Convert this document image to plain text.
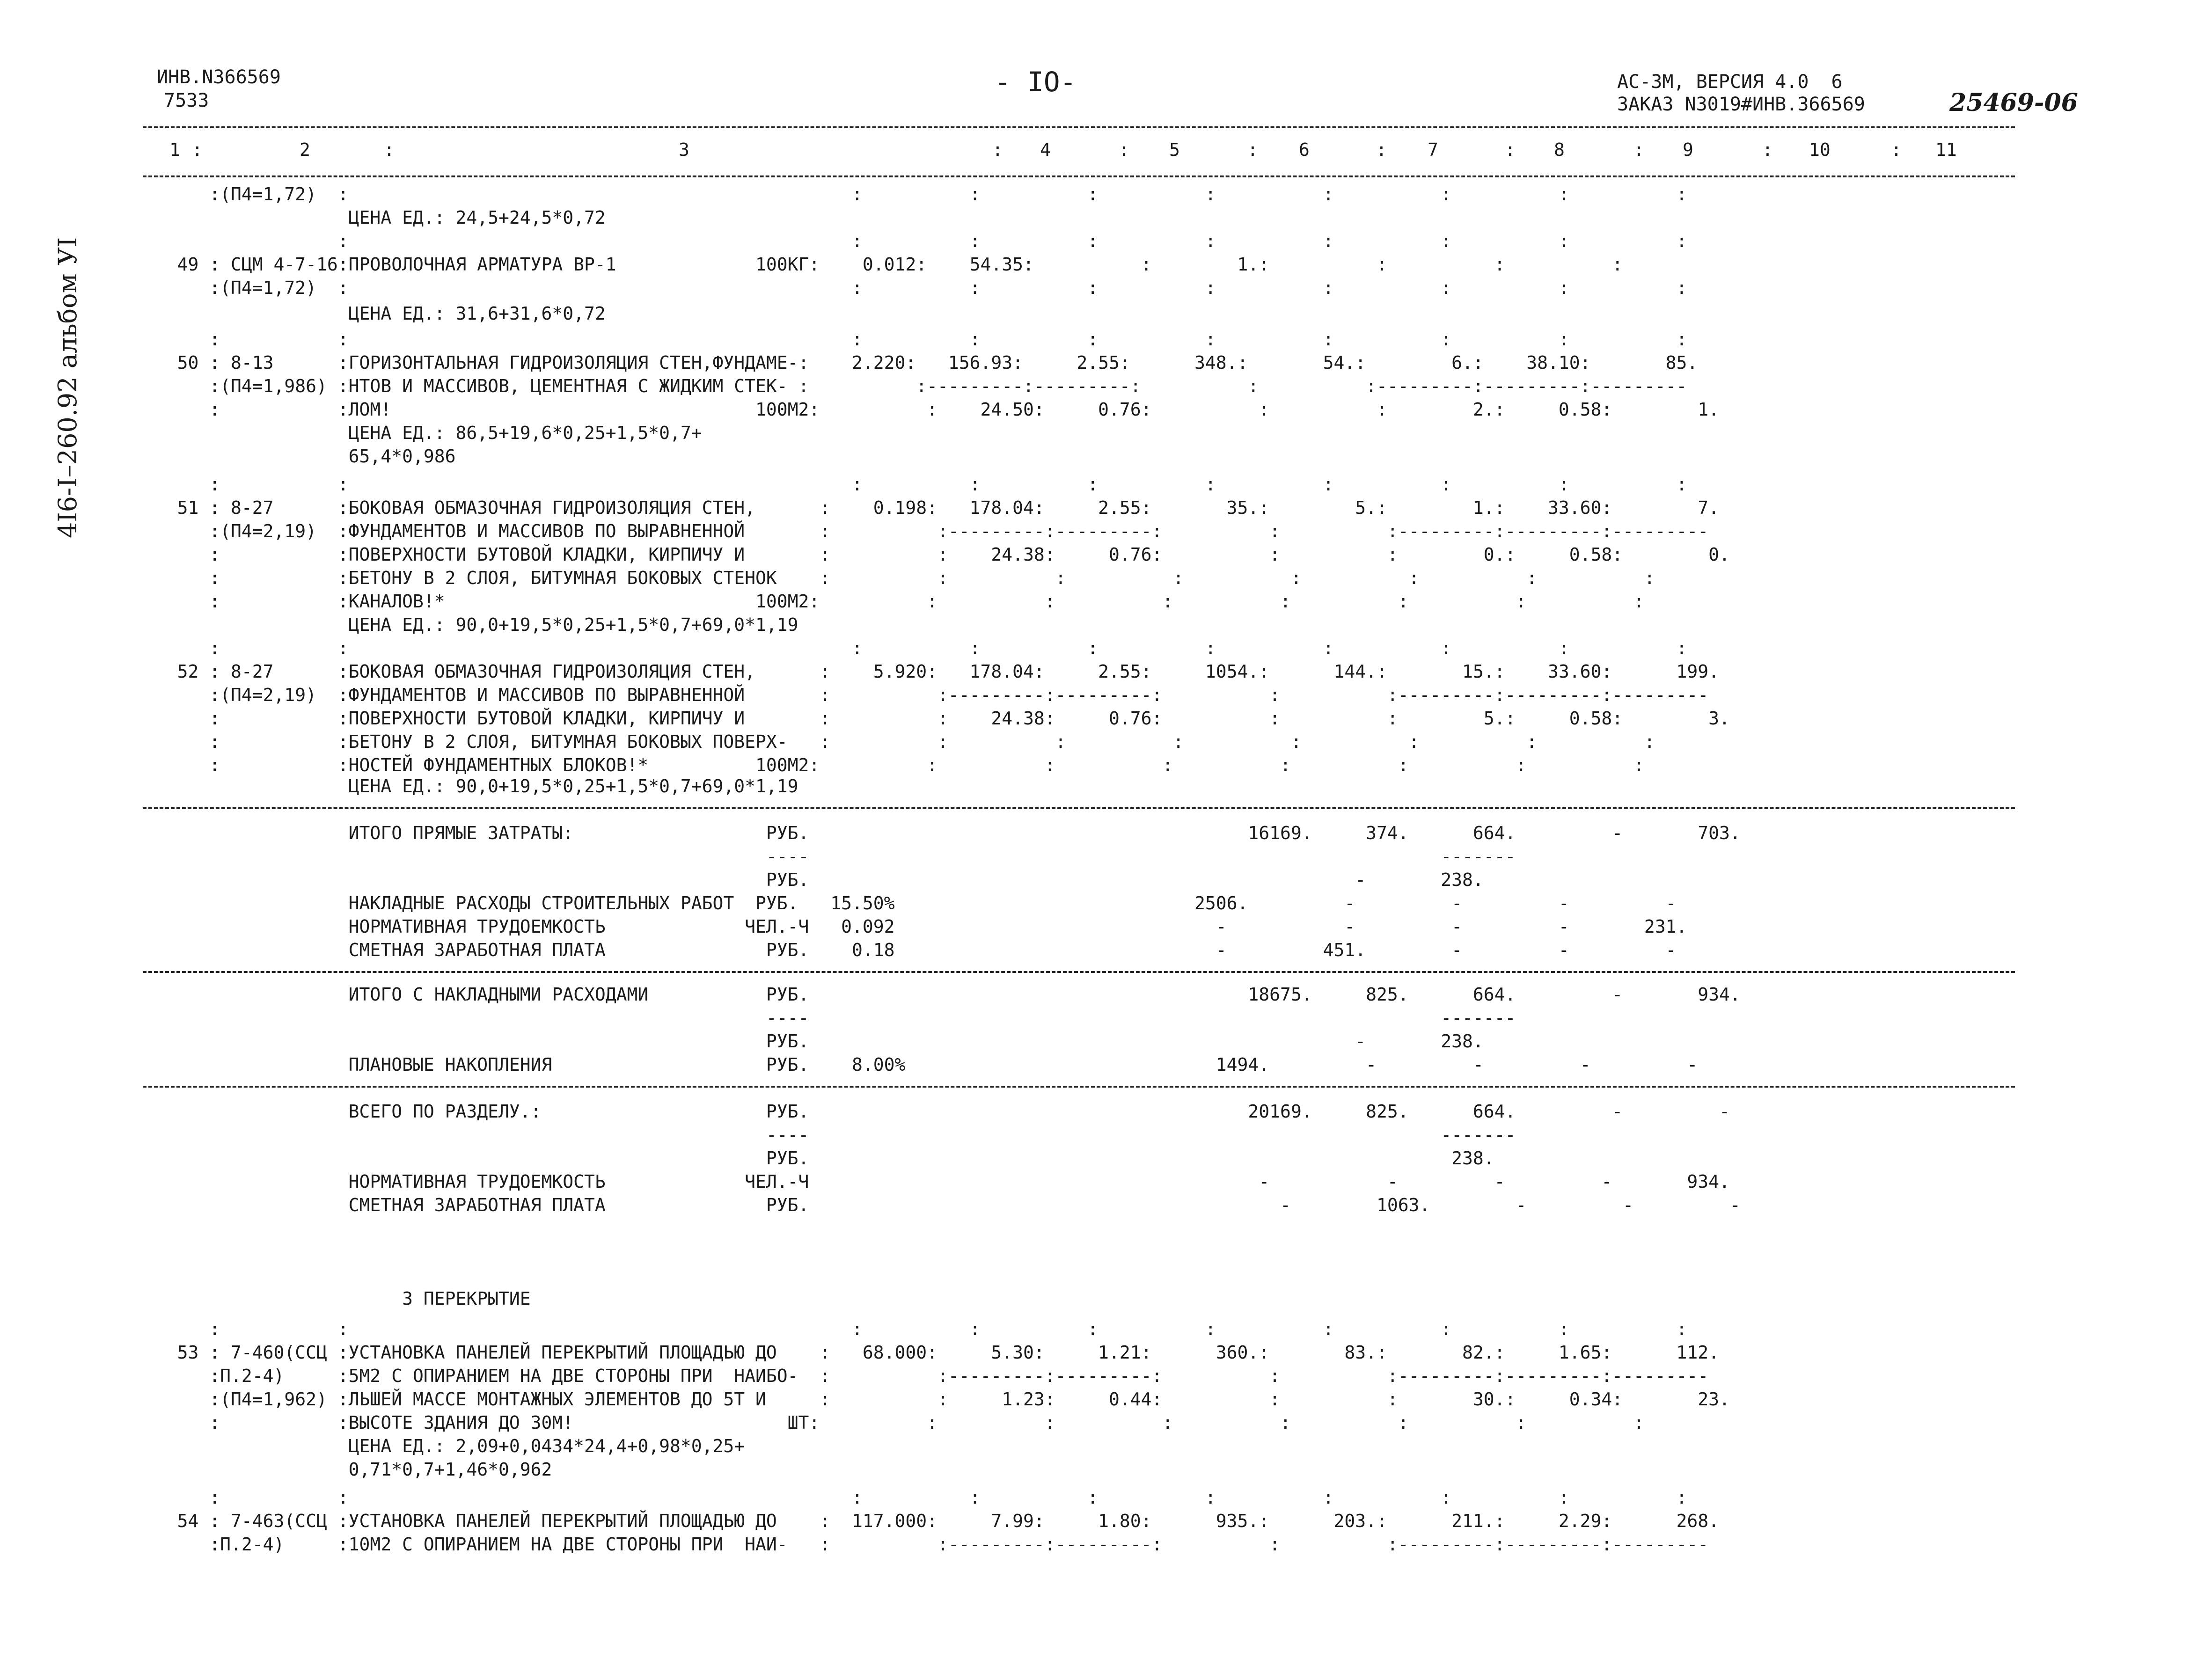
ИНВ.N366569
7533
- IO-	АС-3М, ВЕРСИЯ 4.0  6
ЗАКАЗ N3019#ИНВ.366569	25469-06
4I6-I–260.92 альбом УI
1 :	2	:	3	: 4	: 5	: 6	: 7	: 8	: 9	: 10	: 11
:(П4=1,72)  :                                               :          :          :          :          :          :          :          :
ЦЕНА ЕД.: 24,5+24,5*0,72
:                                               :          :          :          :          :          :          :          :
49 : СЦМ 4-7-16:ПРОВОЛОЧНАЯ АРМАТУРА ВР-1             100КГ:    0.012:    54.35:          :        1.:          :          :          :
:(П4=1,72)  :                                               :          :          :          :          :          :          :          :
ЦЕНА ЕД.: 31,6+31,6*0,72
:           :                                               :          :          :          :          :          :          :          :
50 : 8-13      :ГОРИЗОНТАЛЬНАЯ ГИДРОИЗОЛЯЦИЯ СТЕН,ФУНДАМЕ-:    2.220:   156.93:     2.55:      348.:       54.:        6.:    38.10:       85.
:(П4=1,986) :НТОВ И МАССИВОВ, ЦЕМЕНТНАЯ С ЖИДКИМ СТЕК- :          :---------:---------:          :          :---------:---------:---------
:           :ЛОМ!                                  100М2:          :    24.50:     0.76:          :          :        2.:     0.58:        1.
ЦЕНА ЕД.: 86,5+19,6*0,25+1,5*0,7+
65,4*0,986
:           :                                               :          :          :          :          :          :          :          :
51 : 8-27      :БОКОВАЯ ОБМАЗОЧНАЯ ГИДРОИЗОЛЯЦИЯ СТЕН,      :    0.198:   178.04:     2.55:       35.:        5.:        1.:    33.60:        7.
:(П4=2,19)  :ФУНДАМЕНТОВ И МАССИВОВ ПО ВЫРАВНЕННОЙ       :          :---------:---------:          :          :---------:---------:---------
:           :ПОВЕРХНОСТИ БУТОВОЙ КЛАДКИ, КИРПИЧУ И       :          :    24.38:     0.76:          :          :        0.:     0.58:        0.
:           :БЕТОНУ В 2 СЛОЯ, БИТУМНАЯ БОКОВЫХ СТЕНОК    :          :          :          :          :          :          :          :
:           :КАНАЛОВ!*                             100М2:          :          :          :          :          :          :          :
ЦЕНА ЕД.: 90,0+19,5*0,25+1,5*0,7+69,0*1,19
:           :                                               :          :          :          :          :          :          :          :
52 : 8-27      :БОКОВАЯ ОБМАЗОЧНАЯ ГИДРОИЗОЛЯЦИЯ СТЕН,      :    5.920:   178.04:     2.55:     1054.:      144.:       15.:    33.60:      199.
:(П4=2,19)  :ФУНДАМЕНТОВ И МАССИВОВ ПО ВЫРАВНЕННОЙ       :          :---------:---------:          :          :---------:---------:---------
:           :ПОВЕРХНОСТИ БУТОВОЙ КЛАДКИ, КИРПИЧУ И       :          :    24.38:     0.76:          :          :        5.:     0.58:        3.
:           :БЕТОНУ В 2 СЛОЯ, БИТУМНАЯ БОКОВЫХ ПОВЕРХ-   :          :          :          :          :          :          :          :
:           :НОСТЕЙ ФУНДАМЕНТНЫХ БЛОКОВ!*          100М2:          :          :          :          :          :          :          :
ЦЕНА ЕД.: 90,0+19,5*0,25+1,5*0,7+69,0*1,19
ИТОГО ПРЯМЫЕ ЗАТРАТЫ:                  РУБ.                                         16169.     374.      664.         -       703.
----                                                           -------
РУБ.                                                   -       238.
НАКЛАДНЫЕ РАСХОДЫ СТРОИТЕЛЬНЫХ РАБОТ  РУБ.   15.50%                            2506.         -         -         -         -
НОРМАТИВНАЯ ТРУДОЕМКОСТЬ             ЧЕЛ.-Ч   0.092                              -           -         -         -       231.
СМЕТНАЯ ЗАРАБОТНАЯ ПЛАТА               РУБ.    0.18                              -         451.        -         -         -
ИТОГО С НАКЛАДНЫМИ РАСХОДАМИ           РУБ.                                         18675.     825.      664.         -       934.
----                                                           -------
РУБ.                                                   -       238.
ПЛАНОВЫЕ НАКОПЛЕНИЯ                    РУБ.    8.00%                             1494.         -         -         -         -
ВСЕГО ПО РАЗДЕЛУ.:                     РУБ.                                         20169.     825.      664.         -         -
----                                                           -------
РУБ.                                                            238.
НОРМАТИВНАЯ ТРУДОЕМКОСТЬ             ЧЕЛ.-Ч                                          -           -         -         -       934.
СМЕТНАЯ ЗАРАБОТНАЯ ПЛАТА               РУБ.                                            -        1063.        -         -         -
3 ПЕРЕКРЫТИЕ
:           :                                               :          :          :          :          :          :          :          :
53 : 7-460(ССЦ :УСТАНОВКА ПАНЕЛЕЙ ПЕРЕКРЫТИЙ ПЛОЩАДЬЮ ДО    :   68.000:     5.30:     1.21:      360.:       83.:       82.:     1.65:      112.
:П.2-4)     :5М2 С ОПИРАНИЕМ НА ДВЕ СТОРОНЫ ПРИ  НАИБО-  :          :---------:---------:          :          :---------:---------:---------
:(П4=1,962) :ЛЬШЕЙ МАССЕ МОНТАЖНЫХ ЭЛЕМЕНТОВ ДО 5Т И     :          :     1.23:     0.44:          :          :       30.:     0.34:       23.
:           :ВЫСОТЕ ЗДАНИЯ ДО 30М!                    ШТ:          :          :          :          :          :          :          :
ЦЕНА ЕД.: 2,09+0,0434*24,4+0,98*0,25+
0,71*0,7+1,46*0,962
:           :                                               :          :          :          :          :          :          :          :
54 : 7-463(ССЦ :УСТАНОВКА ПАНЕЛЕЙ ПЕРЕКРЫТИЙ ПЛОЩАДЬЮ ДО    :  117.000:     7.99:     1.80:      935.:      203.:      211.:     2.29:      268.
:П.2-4)     :10М2 С ОПИРАНИЕМ НА ДВЕ СТОРОНЫ ПРИ  НАИ-   :          :---------:---------:          :          :---------:---------:---------
